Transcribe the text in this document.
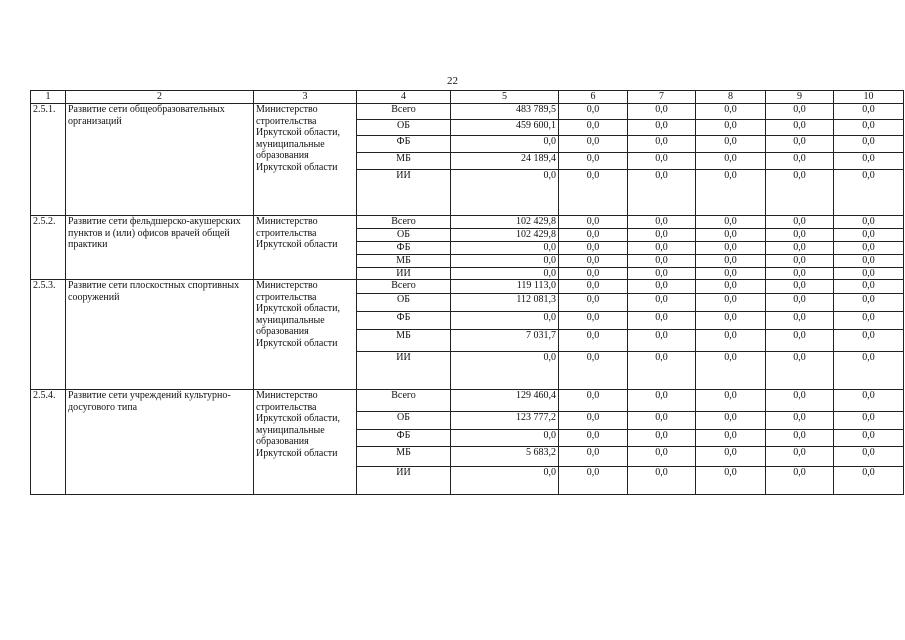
22
1	2	3	4	5	6	7	8	9	10
2.5.1.	Развитие сети общеобразовательных организаций	Министерство строительства Иркутской области, муниципальные образования Иркутской области	Всего	483 789,5	0,0	0,0	0,0	0,0	0,0
			ОБ	459 600,1	0,0	0,0	0,0	0,0	0,0
			ФБ	0,0	0,0	0,0	0,0	0,0	0,0
			МБ	24 189,4	0,0	0,0	0,0	0,0	0,0
			ИИ	0,0	0,0	0,0	0,0	0,0	0,0
2.5.2.	Развитие сети фельдшерско-акушерских пунктов и (или) офисов врачей общей практики	Министерство строительства Иркутской области	Всего	102 429,8	0,0	0,0	0,0	0,0	0,0
			ОБ	102 429,8	0,0	0,0	0,0	0,0	0,0
			ФБ	0,0	0,0	0,0	0,0	0,0	0,0
			МБ	0,0	0,0	0,0	0,0	0,0	0,0
			ИИ	0,0	0,0	0,0	0,0	0,0	0,0
2.5.3.	Развитие сети плоскостных спортивных сооружений	Министерство строительства Иркутской области, муниципальные образования Иркутской области	Всего	119 113,0	0,0	0,0	0,0	0,0	0,0
			ОБ	112 081,3	0,0	0,0	0,0	0,0	0,0
			ФБ	0,0	0,0	0,0	0,0	0,0	0,0
			МБ	7 031,7	0,0	0,0	0,0	0,0	0,0
			ИИ	0,0	0,0	0,0	0,0	0,0	0,0
2.5.4.	Развитие сети учреждений культурно-досугового типа	Министерство строительства Иркутской области, муниципальные образования Иркутской области	Всего	129 460,4	0,0	0,0	0,0	0,0	0,0
			ОБ	123 777,2	0,0	0,0	0,0	0,0	0,0
			ФБ	0,0	0,0	0,0	0,0	0,0	0,0
			МБ	5 683,2	0,0	0,0	0,0	0,0	0,0
			ИИ	0,0	0,0	0,0	0,0	0,0	0,0
